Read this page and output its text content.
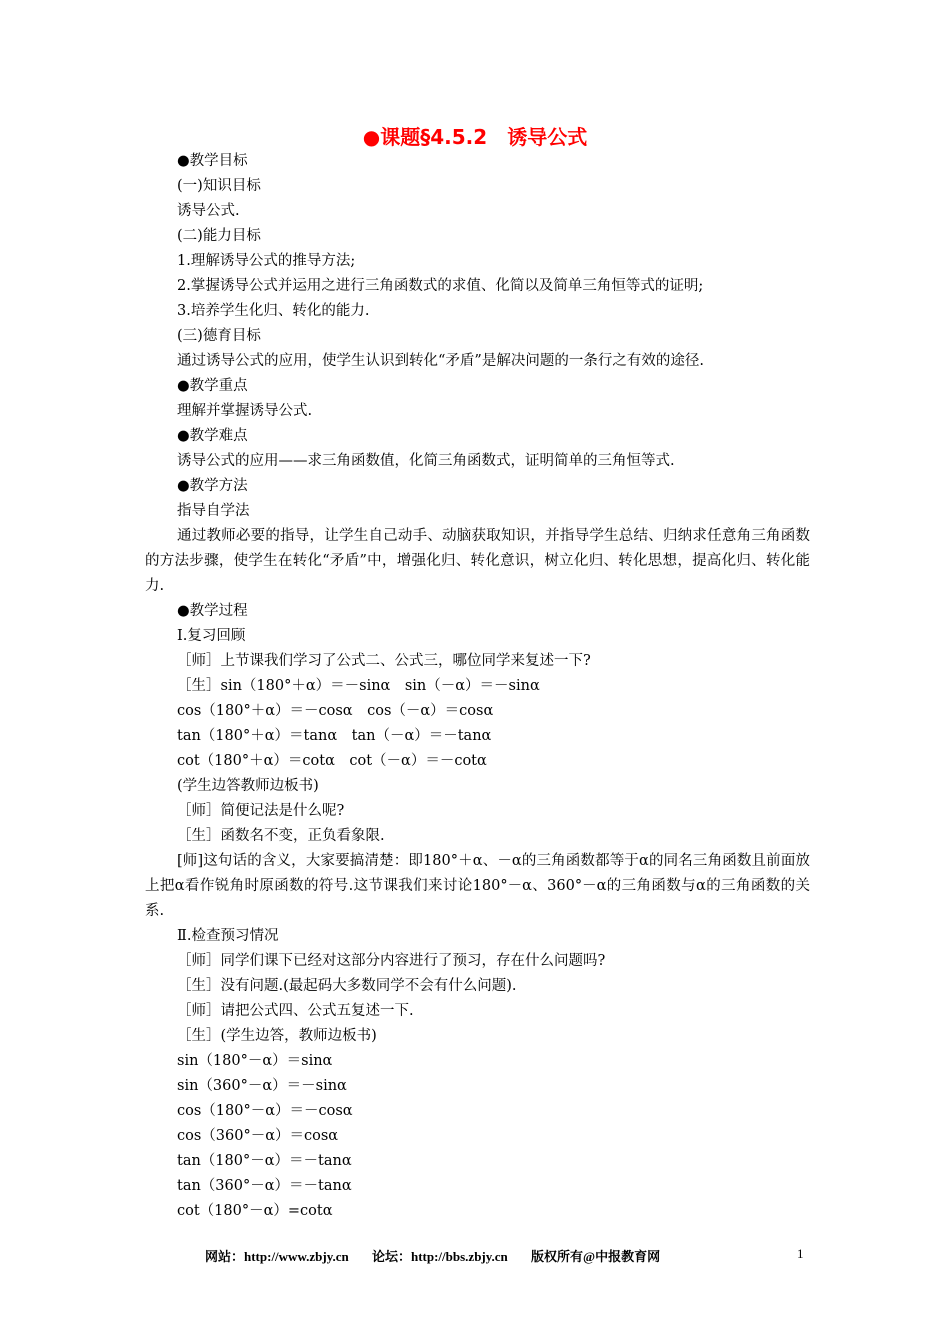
●课题§4.5.2　诱导公式
●教学目标
(一)知识目标
诱导公式.
(二)能力目标
1.理解诱导公式的推导方法;
2.掌握诱导公式并运用之进行三角函数式的求值、化简以及简单三角恒等式的证明;
3.培养学生化归、转化的能力.
(三)德育目标
通过诱导公式的应用，使学生认识到转化“矛盾”是解决问题的一条行之有效的途径.
●教学重点
理解并掌握诱导公式.
●教学难点
诱导公式的应用——求三角函数值，化简三角函数式，证明简单的三角恒等式.
●教学方法
指导自学法
通过教师必要的指导，让学生自己动手、动脑获取知识，并指导学生总结、归纳求任意角三角函数的方法步骤，使学生在转化“矛盾”中，增强化归、转化意识，树立化归、转化思想，提高化归、转化能力.
●教学过程
Ⅰ.复习回顾
［师］上节课我们学习了公式二、公式三，哪位同学来复述一下?
［生］sin（180°＋α）＝－sinα　sin（－α）＝－sinα
cos（180°＋α）＝－cosα　cos（－α）＝cosα
tan（180°＋α）＝tanα　tan（－α）＝－tanα
cot（180°＋α）＝cotα　cot（－α）＝－cotα
(学生边答教师边板书)
［师］简便记法是什么呢?
［生］函数名不变，正负看象限.
[师]这句话的含义，大家要搞清楚：即180°＋α、－α的三角函数都等于α的同名三角函数且前面放上把α看作锐角时原函数的符号.这节课我们来讨论180°－α、360°－α的三角函数与α的三角函数的关系.
Ⅱ.检查预习情况
［师］同学们课下已经对这部分内容进行了预习，存在什么问题吗?
［生］没有问题.(最起码大多数同学不会有什么问题).
［师］请把公式四、公式五复述一下.
［生］(学生边答，教师边板书)
sin（180°－α）＝sinα
sin（360°－α）＝－sinα
cos（180°－α）＝－cosα
cos（360°－α）＝cosα
tan（180°－α）＝－tanα
tan（360°－α）＝－tanα
cot（180°－α）=cotα
网站：http://www.zbjy.cn 论坛：http://bbs.zbjy.cn 版权所有@中报教育网	1
